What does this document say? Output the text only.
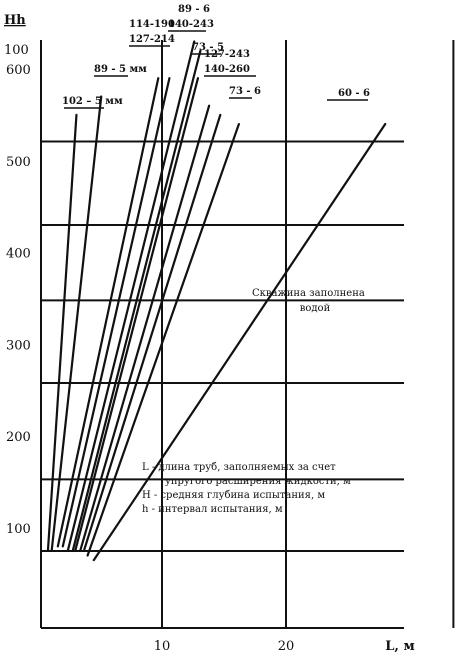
100
200
300
400
500
600
10	20
Hh
100
L, м
102 – 5 мм
89 - 5 мм
114-190
127-214
89 - 6
140-243
73 - 5
127-243
140-260
73 - 6	60 - 6
Скважина заполнена
водой
L - длина труб, заполняемых за счет
упругого расширения жидкости, м
Н - средняя глубина испытания, м
h - интервал испытания, м
